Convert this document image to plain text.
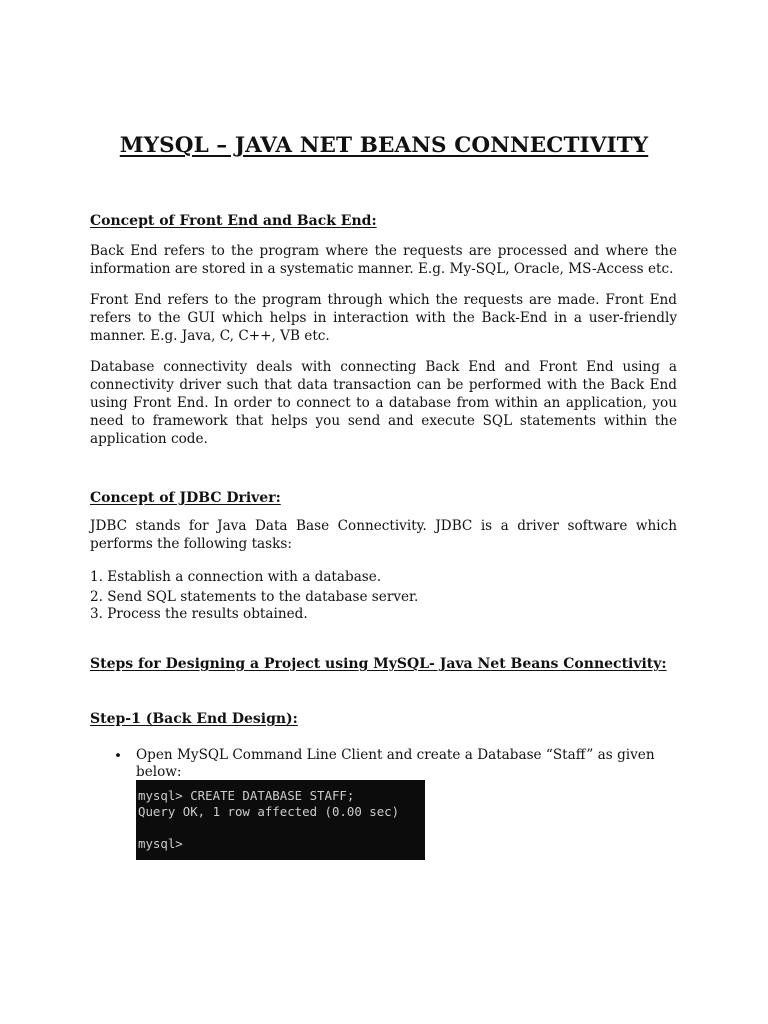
MYSQL – JAVA NET BEANS CONNECTIVITY
Concept of Front End and Back End:

Back End refers to the program where the requests are processed and where the information are stored in a systematic manner. E.g. My-SQL, Oracle, MS-Access etc.

Front End refers to the program through which the requests are made. Front End refers to the GUI which helps in interaction with the Back-End in a user-friendly manner. E.g. Java, C, C++, VB etc.

Database connectivity deals with connecting Back End and Front End using a connectivity driver such that data transaction can be performed with the Back End using Front End. In order to connect to a database from within an application, you need to framework that helps you send and execute SQL statements within the application code.

Concept of JDBC Driver:

JDBC stands for Java Data Base Connectivity. JDBC is a driver software which performs the following tasks:

1. Establish a connection with a database.

2. Send SQL statements to the database server.

3. Process the results obtained.

Steps for Designing a Project using MySQL- Java Net Beans Connectivity:
Step-1 (Back End Design):
• Open MySQL Command Line Client and create a Database “Staff” as given below:

mysql> CREATE DATABASE STAFF;
Query OK, 1 row affected (0.00 sec)
mysql>
